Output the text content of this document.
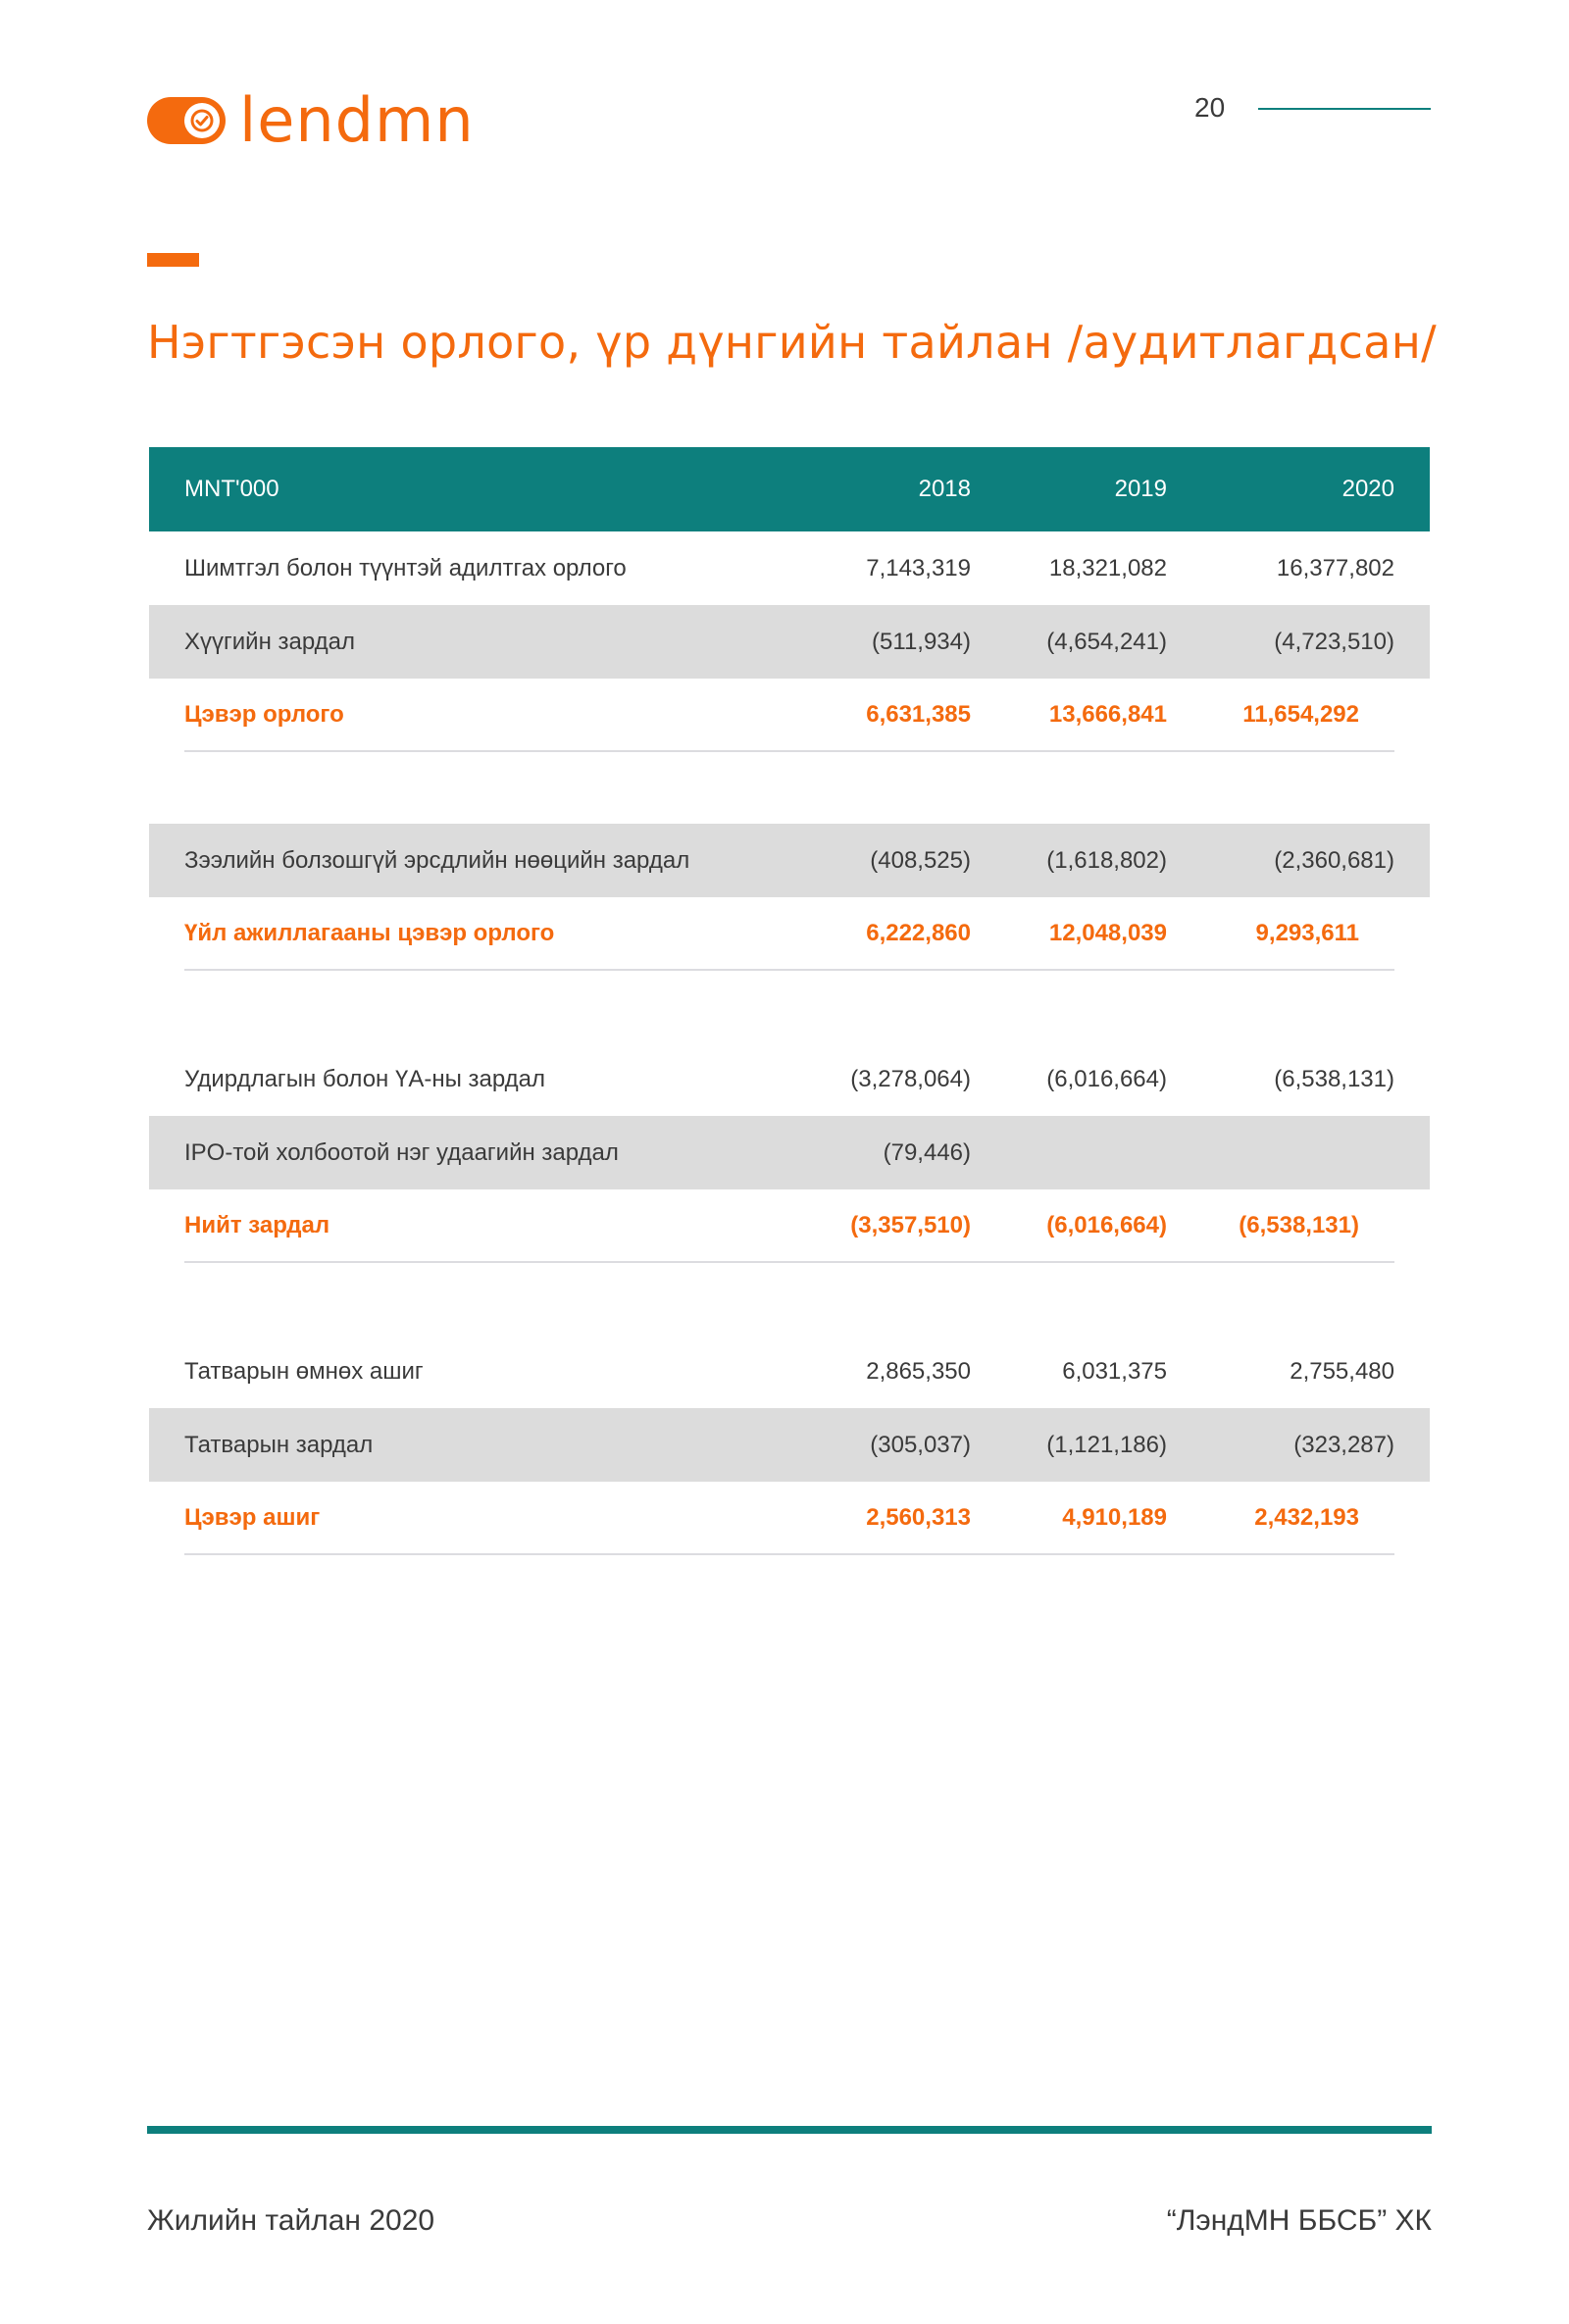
lendmn	20
Нэгтгэсэн орлого, үр дүнгийн тайлан /аудитлагдсан/
MNT'000	2018	2019	2020
Шимтгэл болон түүнтэй адилтгах орлого	7,143,319	18,321,082	16,377,802
Хүүгийн зардал	(511,934)	(4,654,241)	(4,723,510)
Цэвэр орлого	6,631,385	13,666,841	11,654,292
Зээлийн болзошгүй эрсдлийн нөөцийн зардал	(408,525)	(1,618,802)	(2,360,681)
Үйл ажиллагааны цэвэр орлого	6,222,860	12,048,039	9,293,611
Удирдлагын болон ҮА-ны зардал	(3,278,064)	(6,016,664)	(6,538,131)
IPO-той холбоотой нэг удаагийн зардал	(79,446)
Нийт зардал	(3,357,510)	(6,016,664)	(6,538,131)
Татварын өмнөх ашиг	2,865,350	6,031,375	2,755,480
Татварын зардал	(305,037)	(1,121,186)	(323,287)
Цэвэр ашиг	2,560,313	4,910,189	2,432,193
Жилийн тайлан 2020	“ЛэндМН ББСБ” ХК
